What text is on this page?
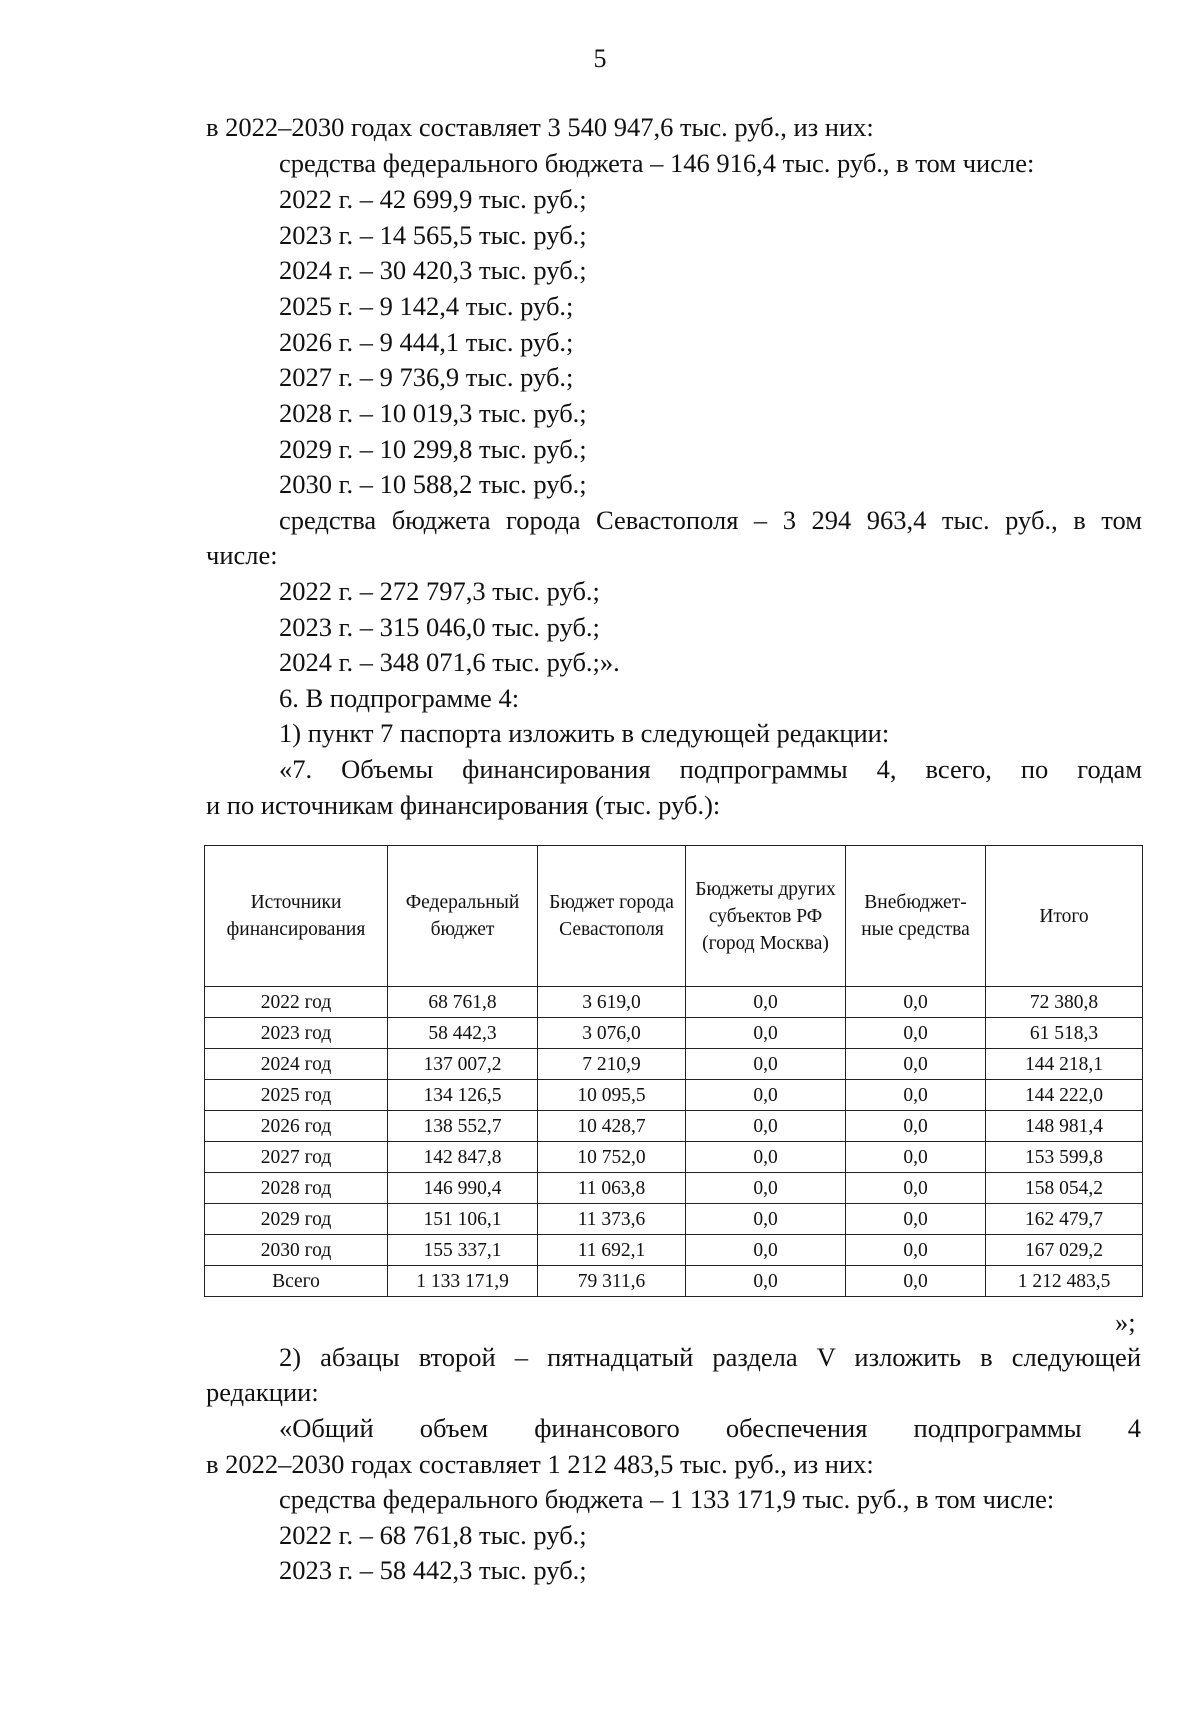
5
в 2022–2030 годах составляет 3 540 947,6 тыс. руб., из них:
средства федерального бюджета – 146 916,4 тыс. руб., в том числе:
2022 г. – 42 699,9 тыс. руб.;
2023 г. – 14 565,5 тыс. руб.;
2024 г. – 30 420,3 тыс. руб.;
2025 г. – 9 142,4 тыс. руб.;
2026 г. – 9 444,1 тыс. руб.;
2027 г. – 9 736,9 тыс. руб.;
2028 г. – 10 019,3 тыс. руб.;
2029 г. – 10 299,8 тыс. руб.;
2030 г. – 10 588,2 тыс. руб.;
средства бюджета города Севастополя – 3 294 963,4 тыс. руб., в том
числе:
2022 г. – 272 797,3 тыс. руб.;
2023 г. – 315 046,0 тыс. руб.;
2024 г. – 348 071,6 тыс. руб.;».
6. В подпрограмме 4:
1) пункт 7 паспорта изложить в следующей редакции:
«7. Объемы финансирования подпрограммы 4, всего, по годам
и по источникам финансирования (тыс. руб.):
Источники финансирования	Федеральный бюджет	Бюджет города Севастополя	Бюджеты других субъектов РФ (город Москва)	Внебюджет-ные средства	Итого
2022 год	68 761,8	3 619,0	0,0	0,0	72 380,8
2023 год	58 442,3	3 076,0	0,0	0,0	61 518,3
2024 год	137 007,2	7 210,9	0,0	0,0	144 218,1
2025 год	134 126,5	10 095,5	0,0	0,0	144 222,0
2026 год	138 552,7	10 428,7	0,0	0,0	148 981,4
2027 год	142 847,8	10 752,0	0,0	0,0	153 599,8
2028 год	146 990,4	11 063,8	0,0	0,0	158 054,2
2029 год	151 106,1	11 373,6	0,0	0,0	162 479,7
2030 год	155 337,1	11 692,1	0,0	0,0	167 029,2
Всего	1 133 171,9	79 311,6	0,0	0,0	1 212 483,5
»;
2) абзацы второй – пятнадцатый раздела V изложить в следующей
редакции:
«Общий объем финансового обеспечения подпрограммы 4
в 2022–2030 годах составляет 1 212 483,5 тыс. руб., из них:
средства федерального бюджета – 1 133 171,9 тыс. руб., в том числе:
2022 г. – 68 761,8 тыс. руб.;
2023 г. – 58 442,3 тыс. руб.;
